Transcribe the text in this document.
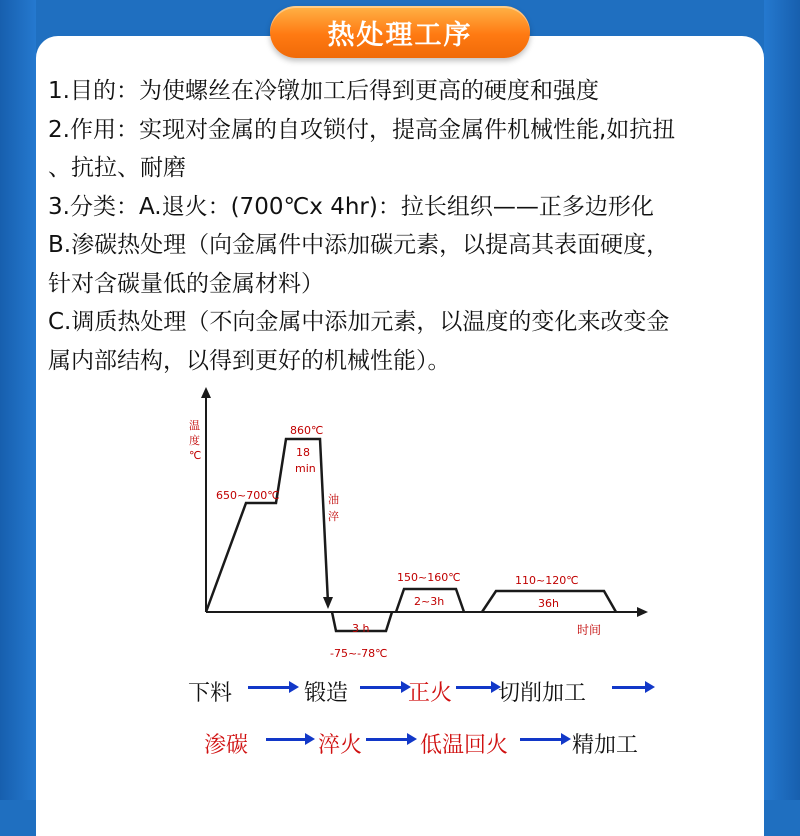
热处理工序
1.目的：为使螺丝在冷镦加工后得到更高的硬度和强度
2.作用：实现对金属的自攻锁付，提高金属件机械性能,如抗扭
、抗拉、耐磨
3.分类：A.退火：(700℃x 4hr)：拉长组织——正多边形化
B.渗碳热处理（向金属件中添加碳元素，以提高其表面硬度，
针对含碳量低的金属材料）
C.调质热处理（不向金属中添加元素，以温度的变化来改变金
属内部结构，以得到更好的机械性能）。
温度℃
时间
650~700℃
860℃
18
min
油
淬
3 h
-75~-78℃
150~160℃
2~3h
110~120℃
36h
下料	锻造	正火 切削加工
渗碳	淬火	低温回火	精加工
